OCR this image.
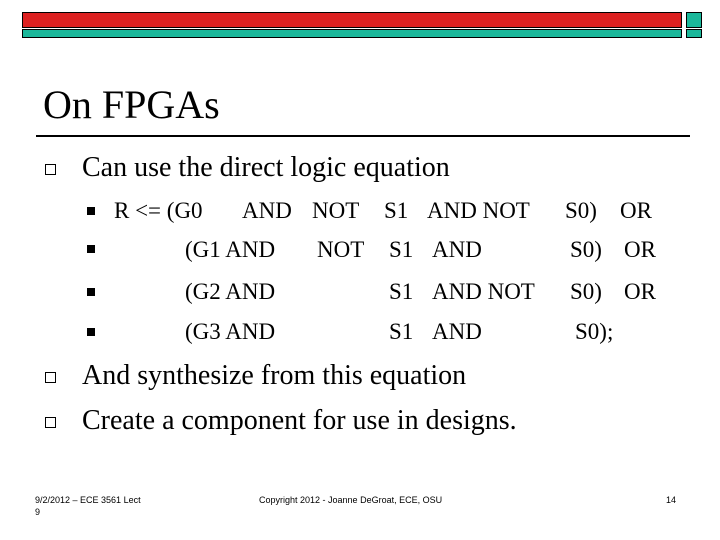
On FPGAs
Can use the direct logic equation
R <= (G0 AND NOT S1 AND NOT S0) OR
(G1 AND NOT S1 AND	S0) OR
(G2 AND	S1 AND NOT S0) OR
(G3 AND	S1 AND	S0);
And synthesize from this equation
Create a component for use in designs.
9/2/2012 – ECE 3561 Lect
9
Copyright 2012 - Joanne DeGroat, ECE, OSU	14
